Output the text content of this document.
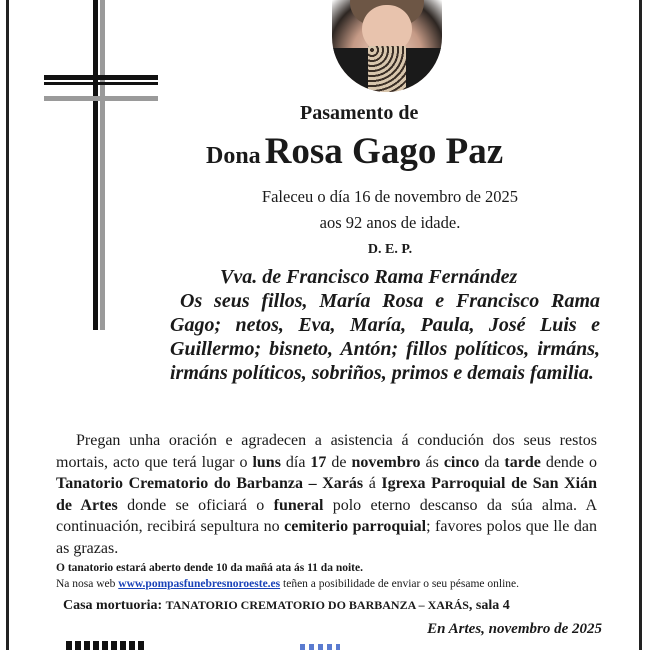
Pasamento de
Dona Rosa Gago Paz
Faleceu o día 16 de novembro de 2025
aos 92 anos de idade.
D. E. P.
Vva. de Francisco Rama Fernández
Os seus fillos, María Rosa e Francisco Rama Gago; netos, Eva, María, Paula, José Luis e Guillermo; bisneto, Antón; fillos políticos, irmáns, irmáns políticos, sobriños, primos e demais familia.
Pregan unha oración e agradecen a asistencia á condución dos seus restos mortais, acto que terá lugar o luns día 17 de novembro ás cinco da tarde dende o Tanatorio Crematorio do Barbanza – Xarás á Igrexa Parroquial de San Xián de Artes donde se oficiará o funeral polo eterno descanso da súa alma. A continuación, recibirá sepultura no cemiterio parroquial; favores polos que lle dan as grazas.
O tanatorio estará aberto dende 10 da mañá ata ás 11 da noite.
Na nosa web www.pompasfunebresnoroeste.es teñen a posibilidade de enviar o seu pésame online.
Casa mortuoria: TANATORIO CREMATORIO DO BARBANZA – XARÁS, sala 4
En Artes, novembro de 2025
